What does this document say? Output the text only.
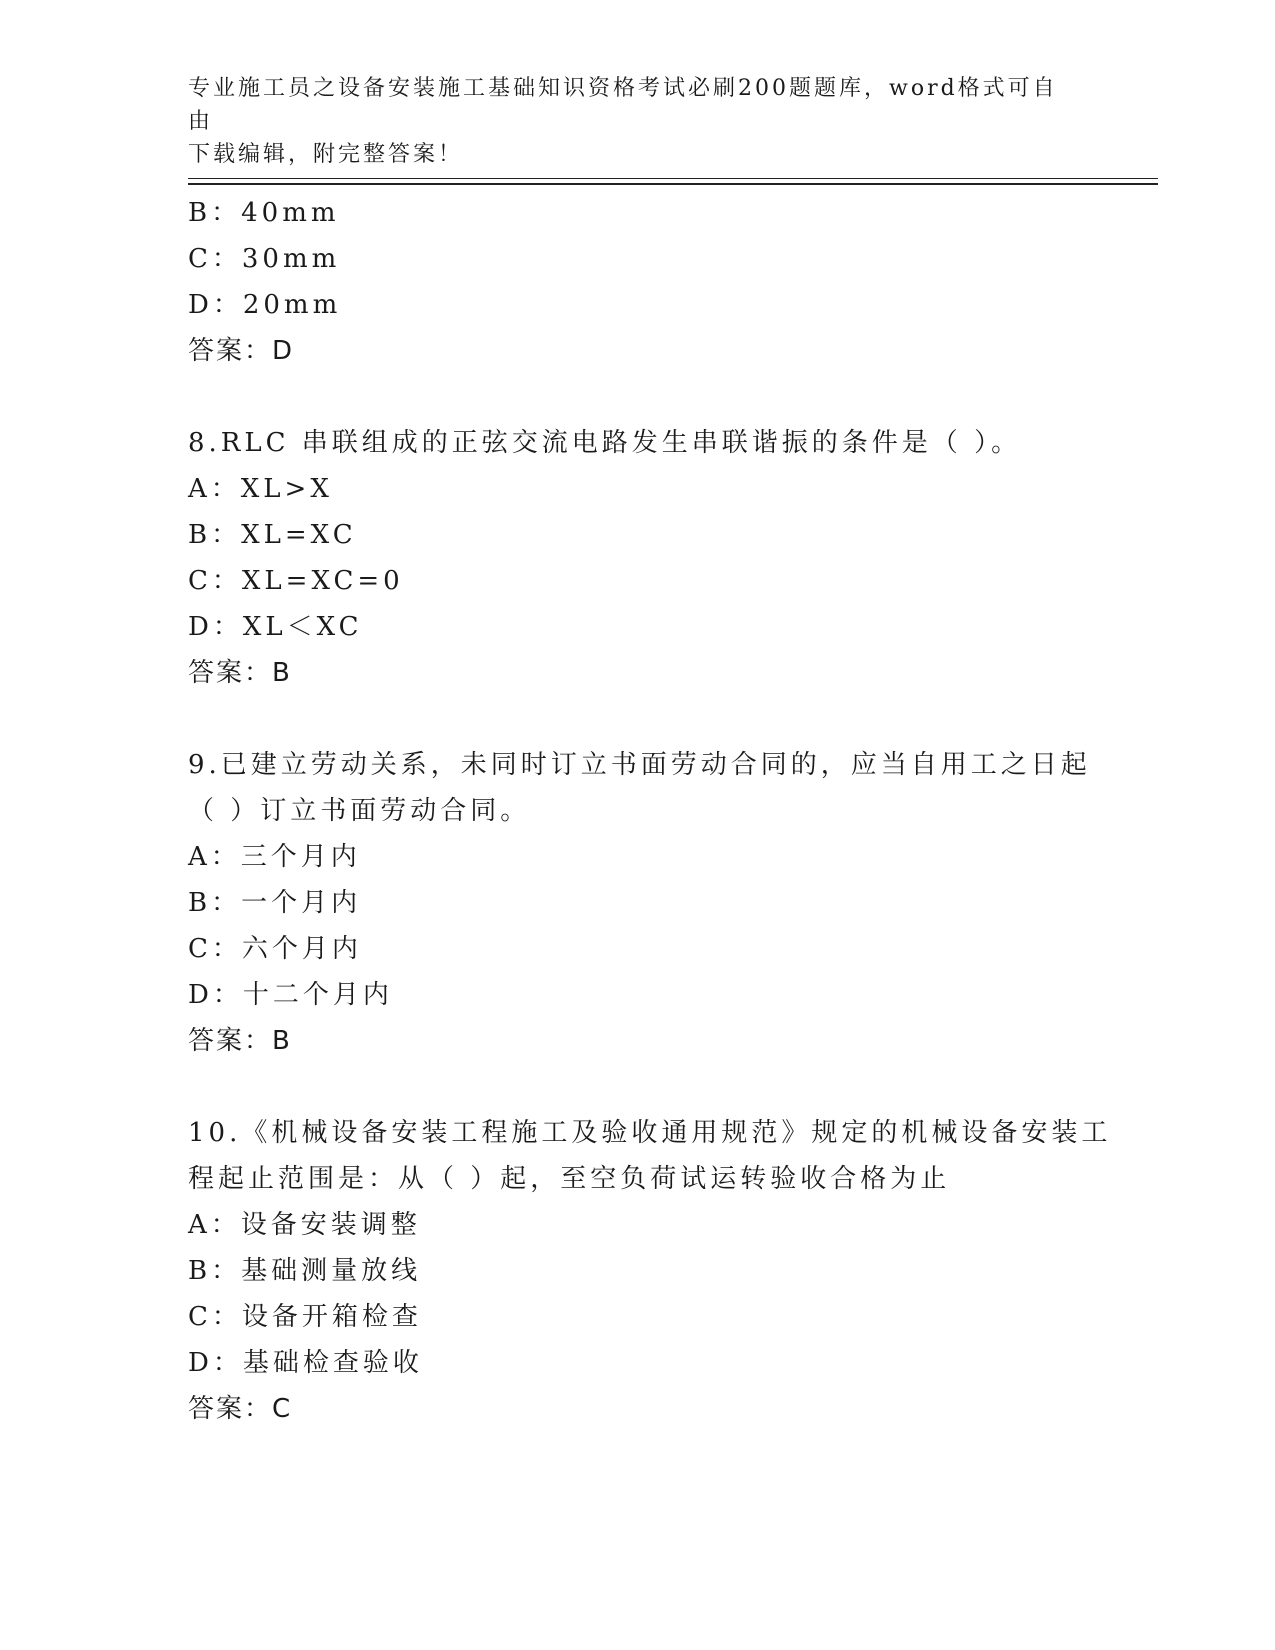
专业施工员之设备安装施工基础知识资格考试必刷200题题库，word格式可自由
下载编辑，附完整答案！
B：40mm
C：30mm
D：20mm
答案：D
8.RLC 串联组成的正弦交流电路发生串联谐振的条件是（ ）。
A：XL>X
B：XL=XC
C：XL=XC=0
D：XL＜XC
答案：B
9.已建立劳动关系，未同时订立书面劳动合同的，应当自用工之日起
（ ）订立书面劳动合同。
A：三个月内
B：一个月内
C：六个月内
D：十二个月内
答案：B
10.《机械设备安装工程施工及验收通用规范》规定的机械设备安装工
程起止范围是：从（ ）起，至空负荷试运转验收合格为止
A：设备安装调整
B：基础测量放线
C：设备开箱检查
D：基础检查验收
答案：C
